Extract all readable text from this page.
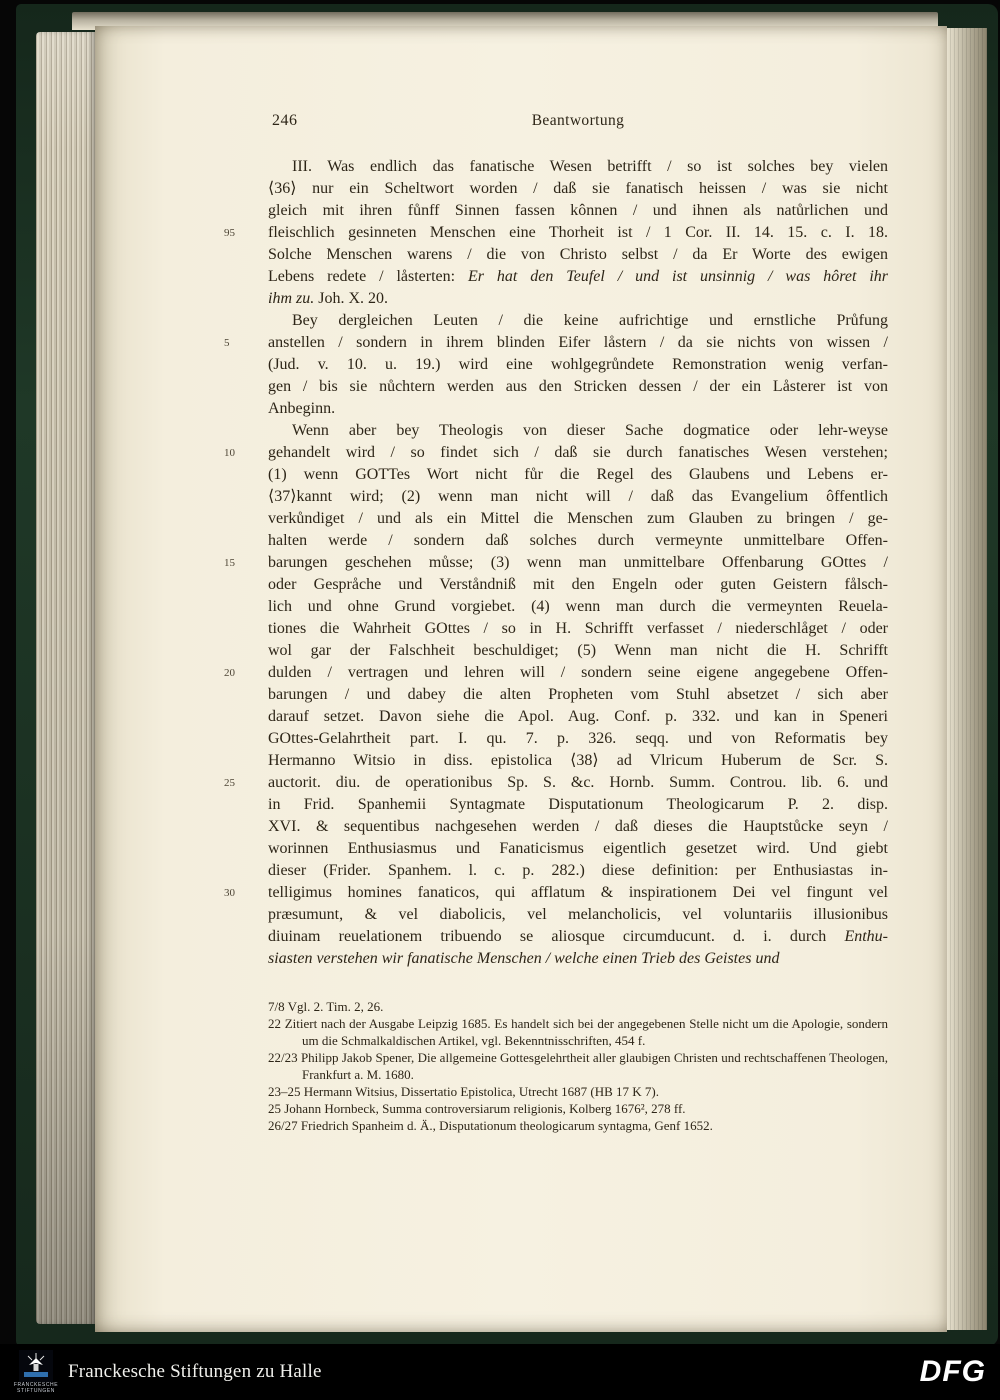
246	Beantwortung
III. Was endlich das fanatische Wesen betrifft / so ist solches bey vielen
⟨36⟩ nur ein Scheltwort worden / daß sie fanatisch heissen / was sie nicht
gleich mit ihren fůnff Sinnen fassen kônnen / und ihnen als natůrlichen und
95	fleischlich gesinneten Menschen eine Thorheit ist / 1 Cor. II. 14. 15. c. I. 18.
Solche Menschen warens / die von Christo selbst / da Er Worte des ewigen
Lebens redete / låsterten: Er hat den Teufel / und ist unsinnig / was hôret ihr
ihm zu. Joh. X. 20.
Bey dergleichen Leuten / die keine aufrichtige und ernstliche Průfung
5	anstellen / sondern in ihrem blinden Eifer låstern / da sie nichts von wissen /
(Jud. v. 10. u. 19.) wird eine wohlgegrůndete Remonstration wenig verfan-
gen / bis sie nůchtern werden aus den Stricken dessen / der ein Låsterer ist von
Anbeginn.
Wenn aber bey Theologis von dieser Sache dogmatice oder lehr-weyse
10	gehandelt wird / so findet sich / daß sie durch fanatisches Wesen verstehen;
(1) wenn GOTTes Wort nicht fůr die Regel des Glaubens und Lebens er-
⟨37⟩kannt wird; (2) wenn man nicht will / daß das Evangelium ôffentlich
verkůndiget / und als ein Mittel die Menschen zum Glauben zu bringen / ge-
halten werde / sondern daß solches durch vermeynte unmittelbare Offen-
15	barungen geschehen můsse; (3) wenn man unmittelbare Offenbarung GOttes /
oder Gespråche und Verståndniß mit den Engeln oder guten Geistern fålsch-
lich und ohne Grund vorgiebet. (4) wenn man durch die vermeynten Reuela-
tiones die Wahrheit GOttes / so in H. Schrifft verfasset / niederschlåget / oder
wol gar der Falschheit beschuldiget; (5) Wenn man nicht die H. Schrifft
20	dulden / vertragen und lehren will / sondern seine eigene angegebene Offen-
barungen / und dabey die alten Propheten vom Stuhl absetzet / sich aber
darauf setzet. Davon siehe die Apol. Aug. Conf. p. 332. und kan in Speneri
GOttes-Gelahrtheit part. I. qu. 7. p. 326. seqq. und von Reformatis bey
Hermanno Witsio in diss. epistolica ⟨38⟩ ad Vlricum Huberum de Scr. S.
25	auctorit. diu. de operationibus Sp. S. &c. Hornb. Summ. Controu. lib. 6. und
in Frid. Spanhemii Syntagmate Disputationum Theologicarum P. 2. disp.
XVI. & sequentibus nachgesehen werden / daß dieses die Hauptstůcke seyn /
worinnen Enthusiasmus und Fanaticismus eigentlich gesetzet wird. Und giebt
dieser (Frider. Spanhem. l. c. p. 282.) diese definition: per Enthusiastas in-
30	telligimus homines fanaticos, qui afflatum & inspirationem Dei vel fingunt vel
præsumunt, & vel diabolicis, vel melancholicis, vel voluntariis illusionibus
diuinam reuelationem tribuendo se aliosque circumducunt. d. i. durch Enthu-
siasten verstehen wir fanatische Menschen / welche einen Trieb des Geistes und
7/8 Vgl. 2. Tim. 2, 26.
22 Zitiert nach der Ausgabe Leipzig 1685. Es handelt sich bei der angegebenen Stelle nicht um die Apologie, sondern um die Schmalkaldischen Artikel, vgl. Bekenntnisschriften, 454 f.
22/23 Philipp Jakob Spener, Die allgemeine Gottesgelehrtheit aller glaubigen Christen und rechtschaffenen Theologen, Frankfurt a. M. 1680.
23–25 Hermann Witsius, Dissertatio Epistolica, Utrecht 1687 (HB 17 K 7).
25 Johann Hornbeck, Summa controversiarum religionis, Kolberg 1676², 278 ff.
26/27 Friedrich Spanheim d. Ä., Disputationum theologicarum syntagma, Genf 1652.
FRANCKESCHE
STIFTUNGEN
Franckesche Stiftungen zu Halle	DFG
